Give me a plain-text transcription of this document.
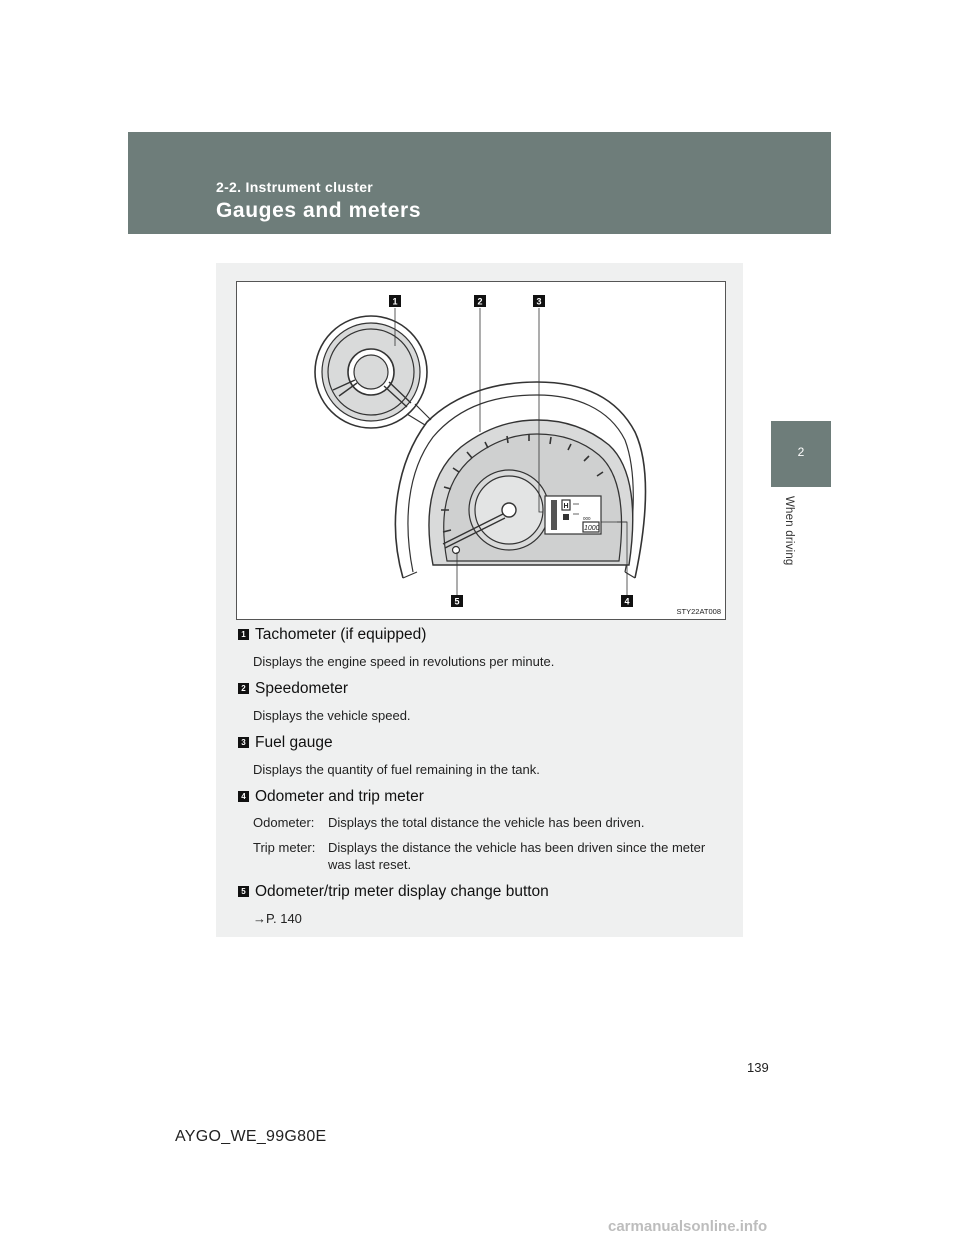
2-2. Instrument cluster
Gauges and meters
2
When driving
1	2	3
4
5
H
000
1000
STY22AT008
1 Tachometer (if equipped)
Displays the engine speed in revolutions per minute.
2 Speedometer
Displays the vehicle speed.
3 Fuel gauge
Displays the quantity of fuel remaining in the tank.
4 Odometer and trip meter
Odometer:	Displays the total distance the vehicle has been driven.
Trip meter: Displays the distance the vehicle has been driven since the meter was last reset.
5 Odometer/trip meter display change button
→P. 140
139
AYGO_WE_99G80E
carmanualsonline.info
